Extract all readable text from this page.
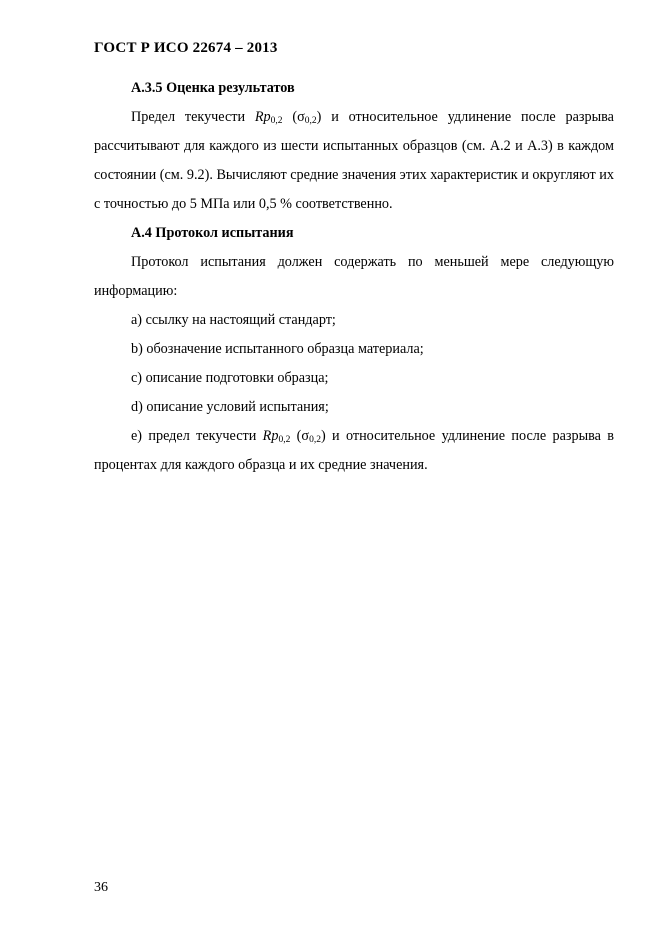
ГОСТ Р ИСО 22674 – 2013

А.3.5 Оценка результатов

Предел текучести $Rp_{0,2}$ $(\sigma_{0,2})$ и относительное удлинение после разрыва рассчитывают для каждого из шести испытанных образцов (см. А.2 и А.3) в каждом состоянии (см. 9.2). Вычисляют средние значения этих характеристик и округляют их с точностью до 5 МПа или 0,5 % соответственно.

А.4 Протокол испытания

Протокол испытания должен содержать по меньшей мере следующую информацию:

а) ссылку на настоящий стандарт;

b) обозначение испытанного образца материала;

c) описание подготовки образца;

d) описание условий испытания;

e) предел текучести $Rp_{0,2}$ $(\sigma_{0,2})$ и относительное удлинение после разрыва в процентах для каждого образца и их средние значения.

36
